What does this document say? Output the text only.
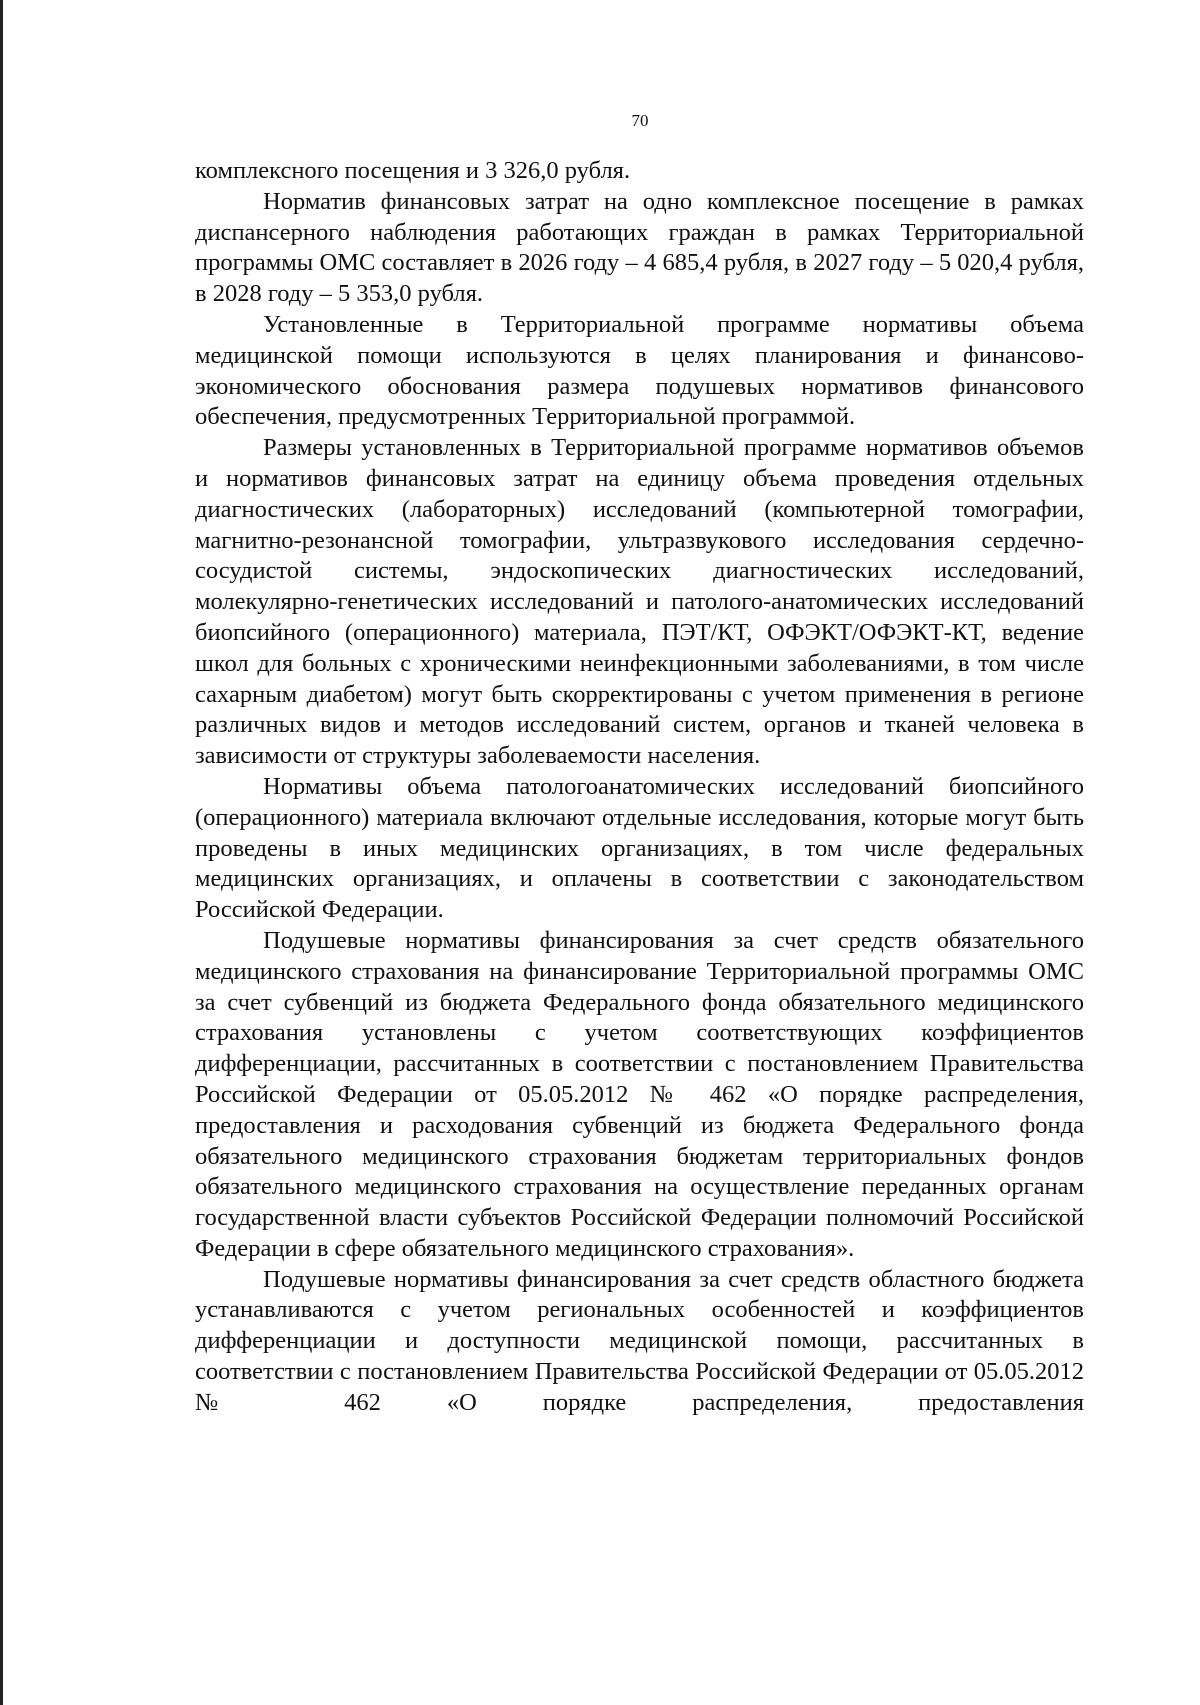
70

комплексного посещения и 3 326,0 рубля.

Норматив финансовых затрат на одно комплексное посещение в рамках диспансерного наблюдения работающих граждан в рамках Территориальной программы ОМС составляет в 2026 году – 4 685,4 рубля, в 2027 году – 5 020,4 рубля, в 2028 году – 5 353,0 рубля.

Установленные в Территориальной программе нормативы объема медицинской помощи используются в целях планирования и финансово-экономического обоснования размера подушевых нормативов финансового обеспечения, предусмотренных Территориальной программой.

Размеры установленных в Территориальной программе нормативов объемов и нормативов финансовых затрат на единицу объема проведения отдельных диагностических (лабораторных) исследований (компьютерной томографии, магнитно-резонансной томографии, ультразвукового исследования сердечно-сосудистой системы, эндоскопических диагностических исследований, молекулярно-генетических исследований и патолого-анатомических исследований биопсийного (операционного) материала, ПЭТ/КТ, ОФЭКТ/ОФЭКТ-КТ, ведение школ для больных с хроническими неинфекционными заболеваниями, в том числе сахарным диабетом) могут быть скорректированы с учетом применения в регионе различных видов и методов исследований систем, органов и тканей человека в зависимости от структуры заболеваемости населения.

Нормативы объема патологоанатомических исследований биопсийного (операционного) материала включают отдельные исследования, которые могут быть проведены в иных медицинских организациях, в том числе федеральных медицинских организациях, и оплачены в соответствии с законодательством Российской Федерации.

Подушевые нормативы финансирования за счет средств обязательного медицинского страхования на финансирование Территориальной программы ОМС за счет субвенций из бюджета Федерального фонда обязательного медицинского страхования установлены с учетом соответствующих коэффициентов дифференциации, рассчитанных в соответствии с постановлением Правительства Российской Федерации от 05.05.2012 № 462 «О порядке распределения, предоставления и расходования субвенций из бюджета Федерального фонда обязательного медицинского страхования бюджетам территориальных фондов обязательного медицинского страхования на осуществление переданных органам государственной власти субъектов Российской Федерации полномочий Российской Федерации в сфере обязательного медицинского страхования».

Подушевые нормативы финансирования за счет средств областного бюджета устанавливаются с учетом региональных особенностей и коэффициентов дифференциации и доступности медицинской помощи, рассчитанных в соответствии с постановлением Правительства Российской Федерации от 05.05.2012 № 462 «О порядке распределения, предоставления
